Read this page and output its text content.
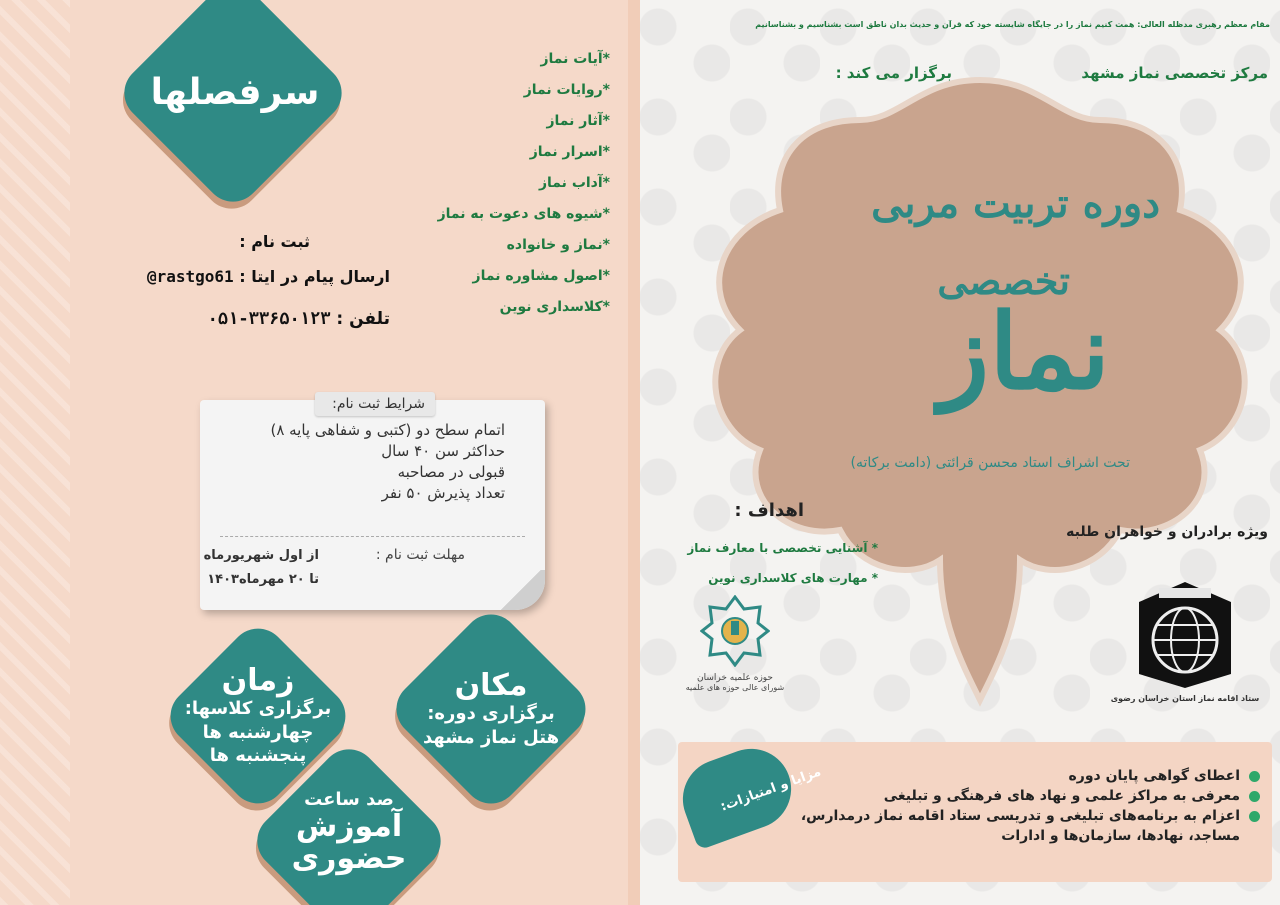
سرفصلها
*آیات نماز
*روایات نماز
*آثار نماز
*اسرار نماز
*آداب نماز
*شیوه های دعوت به نماز
*نماز و خانواده
*اصول مشاوره نماز
*کلاسداری نوین
ثبت نام :
ارسال پیام در ایتا : @rastgo61
تلفن : ۰۵۱-۳۳۶۵۰۱۲۳
شرایط ثبت نام:
اتمام سطح دو (کتبی و شفاهی پایه ۸)
حداکثر سن ۴۰ سال
قبولی در مصاحبه
تعداد پذیرش ۵۰ نفر
مهلت ثبت نام :
از اول شهریورماه
تا ۲۰ مهرماه۱۴۰۳
زمان
برگزاری کلاسها:
چهارشنبه ها
پنجشنبه ها
مکان
برگزاری دوره:
هتل نماز مشهد
صد ساعت
آموزش
حضوری
مقام معظم رهبری مدظله العالی: همت کنیم نماز را در جایگاه شایسته خود که قرآن و حدیث بدان ناطق است بشناسیم و بشناسانیم
مرکز تخصصی نماز مشهد
برگزار می کند :
دوره تربیت مربی
تخصصی
نماز
تحت اشراف استاد محسن قرائتی (دامت برکاته)
اهداف :
* آشنایی تخصصی با معارف نماز
* مهارت های کلاسداری نوین
ویژه برادران و خواهران طلبه
حوزه علمیه خراسان
شورای عالی حوزه های علمیه
ستاد اقامه نماز استان خراسان رضوی
مزایا و امتیازات:	اعطای گواهی پایان دوره
معرفی به مراکز علمی و نهاد های فرهنگی و تبلیغی
اعزام به برنامه‌های تبلیغی و تدریسی ستاد اقامه نماز درمدارس، مساجد، نهادها، سازمان‌ها و ادارات
